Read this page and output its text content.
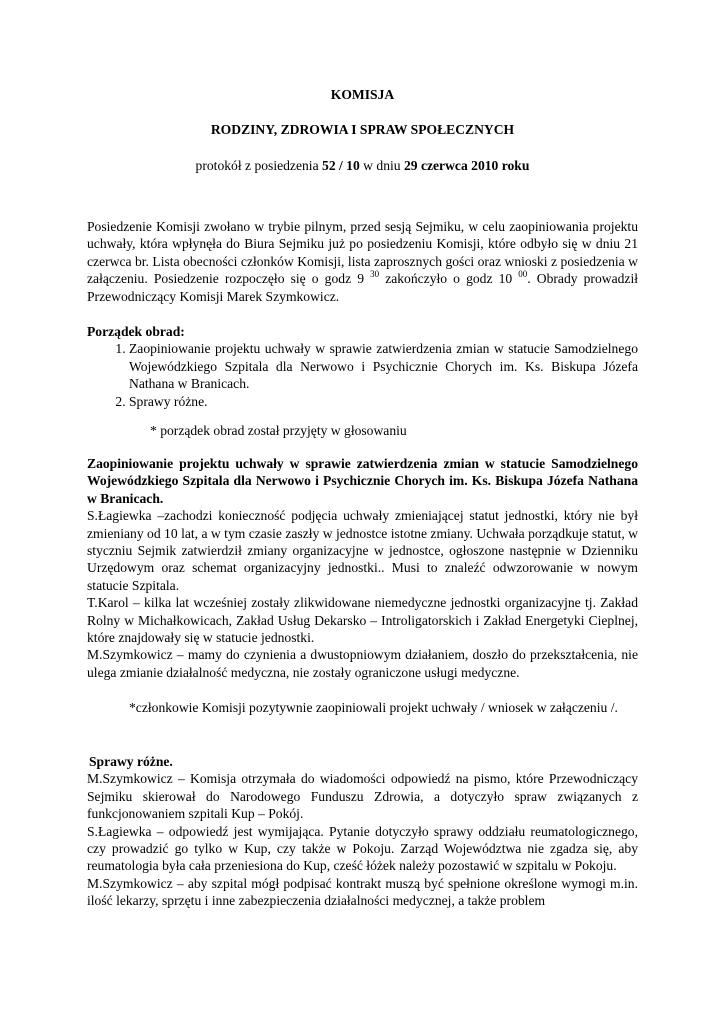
KOMISJA
RODZINY, ZDROWIA I SPRAW SPOŁECZNYCH
protokół z posiedzenia 52 / 10 w dniu 29 czerwca 2010 roku

Posiedzenie Komisji zwołano w trybie pilnym, przed sesją Sejmiku, w celu zaopiniowania projektu uchwały, która wpłynęła do Biura Sejmiku już po posiedzeniu Komisji, które odbyło się w dniu 21 czerwca br. Lista obecności członków Komisji, lista zaprosznych gości oraz wnioski z posiedzenia w załączeniu. Posiedzenie rozpoczęło się o godz 9 $^{30}$ zakończyło o godz 10 $^{00}$. Obrady prowadził Przewodniczący Komisji Marek Szymkowicz.

Porządek obrad:

1. Zaopiniowanie projektu uchwały w sprawie zatwierdzenia zmian w statucie Samodzielnego Wojewódzkiego Szpitala dla Nerwowo i Psychicznie Chorych im. Ks. Biskupa Józefa Nathana w Branicach.
2. Sprawy różne.

* porządek obrad został przyjęty w głosowaniu

Zaopiniowanie projektu uchwały w sprawie zatwierdzenia zmian w statucie Samodzielnego Wojewódzkiego Szpitala dla Nerwowo i Psychicznie Chorych im. Ks. Biskupa Józefa Nathana w Branicach.

S.Łagiewka –zachodzi konieczność podjęcia uchwały zmieniającej statut jednostki, który nie był zmieniany od 10 lat, a w tym czasie zaszły w jednostce istotne zmiany. Uchwała porządkuje statut, w styczniu Sejmik zatwierdził zmiany organizacyjne w jednostce, ogłoszone następnie w Dzienniku Urzędowym oraz schemat organizacyjny jednostki.. Musi to znaleźć odwzorowanie w nowym statucie Szpitala.

T.Karol – kilka lat wcześniej zostały zlikwidowane niemedyczne jednostki organizacyjne tj. Zakład Rolny w Michałkowicach, Zakład Usług Dekarsko – Introligatorskich i Zakład Energetyki Cieplnej, które znajdowały się w statucie jednostki.

M.Szymkowicz – mamy do czynienia a dwustopniowym działaniem, doszło do przekształcenia, nie ulega zmianie działalność medyczna, nie zostały ograniczone usługi medyczne.

*członkowie Komisji pozytywnie zaopiniowali projekt uchwały / wniosek w załączeniu /.

Sprawy różne.

M.Szymkowicz – Komisja otrzymała do wiadomości odpowiedź na pismo, które Przewodniczący Sejmiku skierował do Narodowego Funduszu Zdrowia, a dotyczyło spraw związanych z funkcjonowaniem szpitali Kup – Pokój.

S.Łagiewka – odpowiedź jest wymijająca. Pytanie dotyczyło sprawy oddziału reumatologicznego, czy prowadzić go tylko w Kup, czy także w Pokoju. Zarząd Województwa nie zgadza się, aby reumatologia była cała przeniesiona do Kup, cześć łóżek należy pozostawić w szpitalu w Pokoju.

M.Szymkowicz – aby szpital mógł podpisać kontrakt muszą być spełnione określone wymogi m.in. ilość lekarzy, sprzętu i inne zabezpieczenia działalności medycznej, a także problem
